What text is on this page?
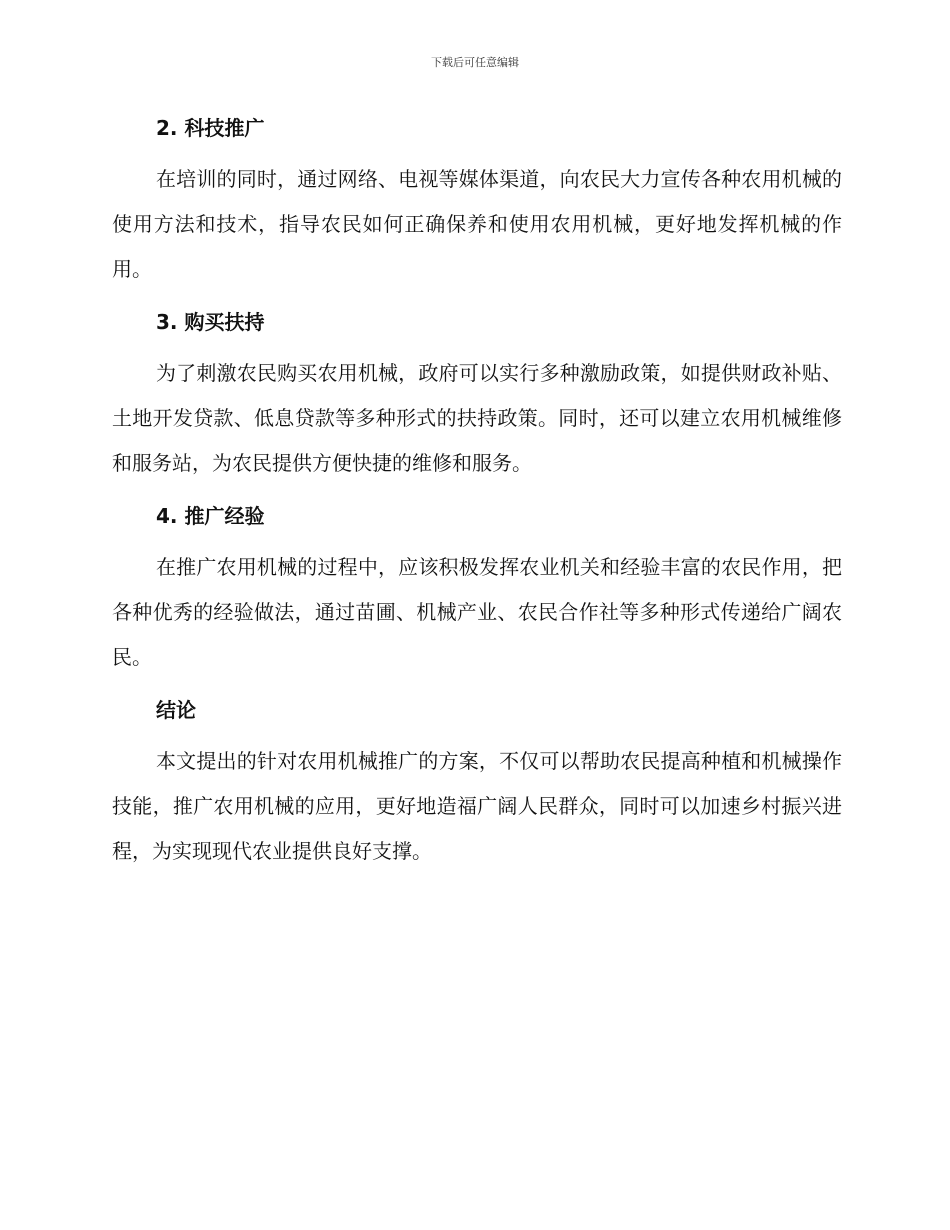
下载后可任意编辑
2. 科技推广

在培训的同时，通过网络、电视等媒体渠道，向农民大力宣传各种农用机械的使用方法和技术，指导农民如何正确保养和使用农用机械，更好地发挥机械的作用。

3. 购买扶持

为了刺激农民购买农用机械，政府可以实行多种激励政策，如提供财政补贴、土地开发贷款、低息贷款等多种形式的扶持政策。同时，还可以建立农用机械维修和服务站，为农民提供方便快捷的维修和服务。

4. 推广经验

在推广农用机械的过程中，应该积极发挥农业机关和经验丰富的农民作用，把各种优秀的经验做法，通过苗圃、机械产业、农民合作社等多种形式传递给广阔农民。

结论

本文提出的针对农用机械推广的方案，不仅可以帮助农民提高种植和机械操作技能，推广农用机械的应用，更好地造福广阔人民群众，同时可以加速乡村振兴进程，为实现现代农业提供良好支撑。
